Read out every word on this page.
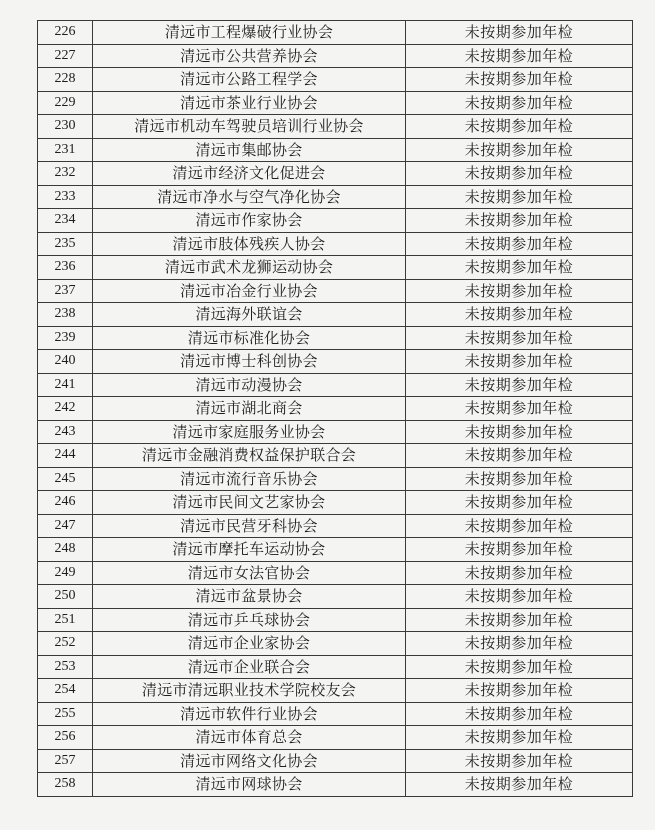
226	清远市工程爆破行业协会	未按期参加年检
227	清远市公共营养协会	未按期参加年检
228	清远市公路工程学会	未按期参加年检
229	清远市茶业行业协会	未按期参加年检
230	清远市机动车驾驶员培训行业协会	未按期参加年检
231	清远市集邮协会	未按期参加年检
232	清远市经济文化促进会	未按期参加年检
233	清远市净水与空气净化协会	未按期参加年检
234	清远市作家协会	未按期参加年检
235	清远市肢体残疾人协会	未按期参加年检
236	清远市武术龙狮运动协会	未按期参加年检
237	清远市冶金行业协会	未按期参加年检
238	清远海外联谊会	未按期参加年检
239	清远市标准化协会	未按期参加年检
240	清远市博士科创协会	未按期参加年检
241	清远市动漫协会	未按期参加年检
242	清远市湖北商会	未按期参加年检
243	清远市家庭服务业协会	未按期参加年检
244	清远市金融消费权益保护联合会	未按期参加年检
245	清远市流行音乐协会	未按期参加年检
246	清远市民间文艺家协会	未按期参加年检
247	清远市民营牙科协会	未按期参加年检
248	清远市摩托车运动协会	未按期参加年检
249	清远市女法官协会	未按期参加年检
250	清远市盆景协会	未按期参加年检
251	清远市乒乓球协会	未按期参加年检
252	清远市企业家协会	未按期参加年检
253	清远市企业联合会	未按期参加年检
254	清远市清远职业技术学院校友会	未按期参加年检
255	清远市软件行业协会	未按期参加年检
256	清远市体育总会	未按期参加年检
257	清远市网络文化协会	未按期参加年检
258	清远市网球协会	未按期参加年检
